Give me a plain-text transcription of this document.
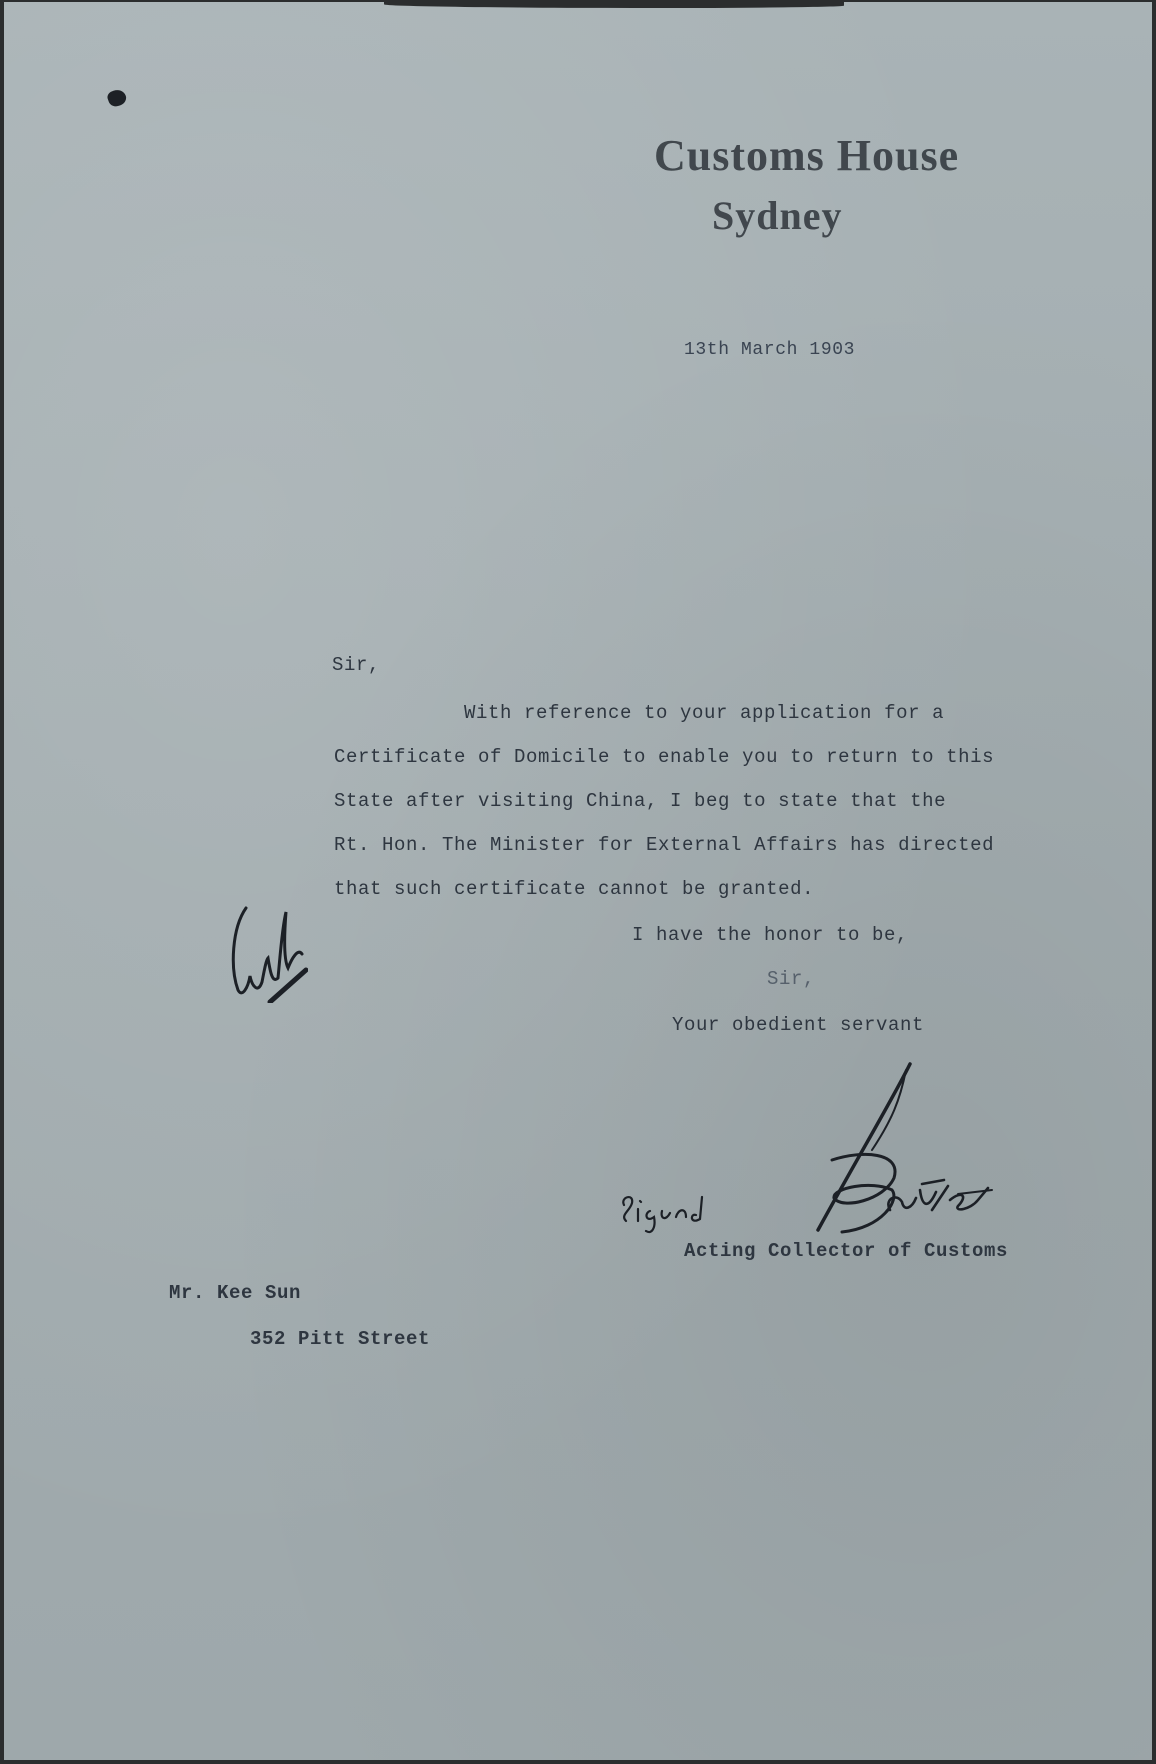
Customs House
Sydney
13th March 1903
Sir,
With reference to your application for a
Certificate of Domicile to enable you to return to this
State after visiting China, I beg to state that the
Rt. Hon. The Minister for External Affairs has directed
that such certificate cannot be granted.
I have the honor to be,
Sir,
Your obedient servant
Acting Collector of Customs
Mr. Kee Sun
352 Pitt Street
